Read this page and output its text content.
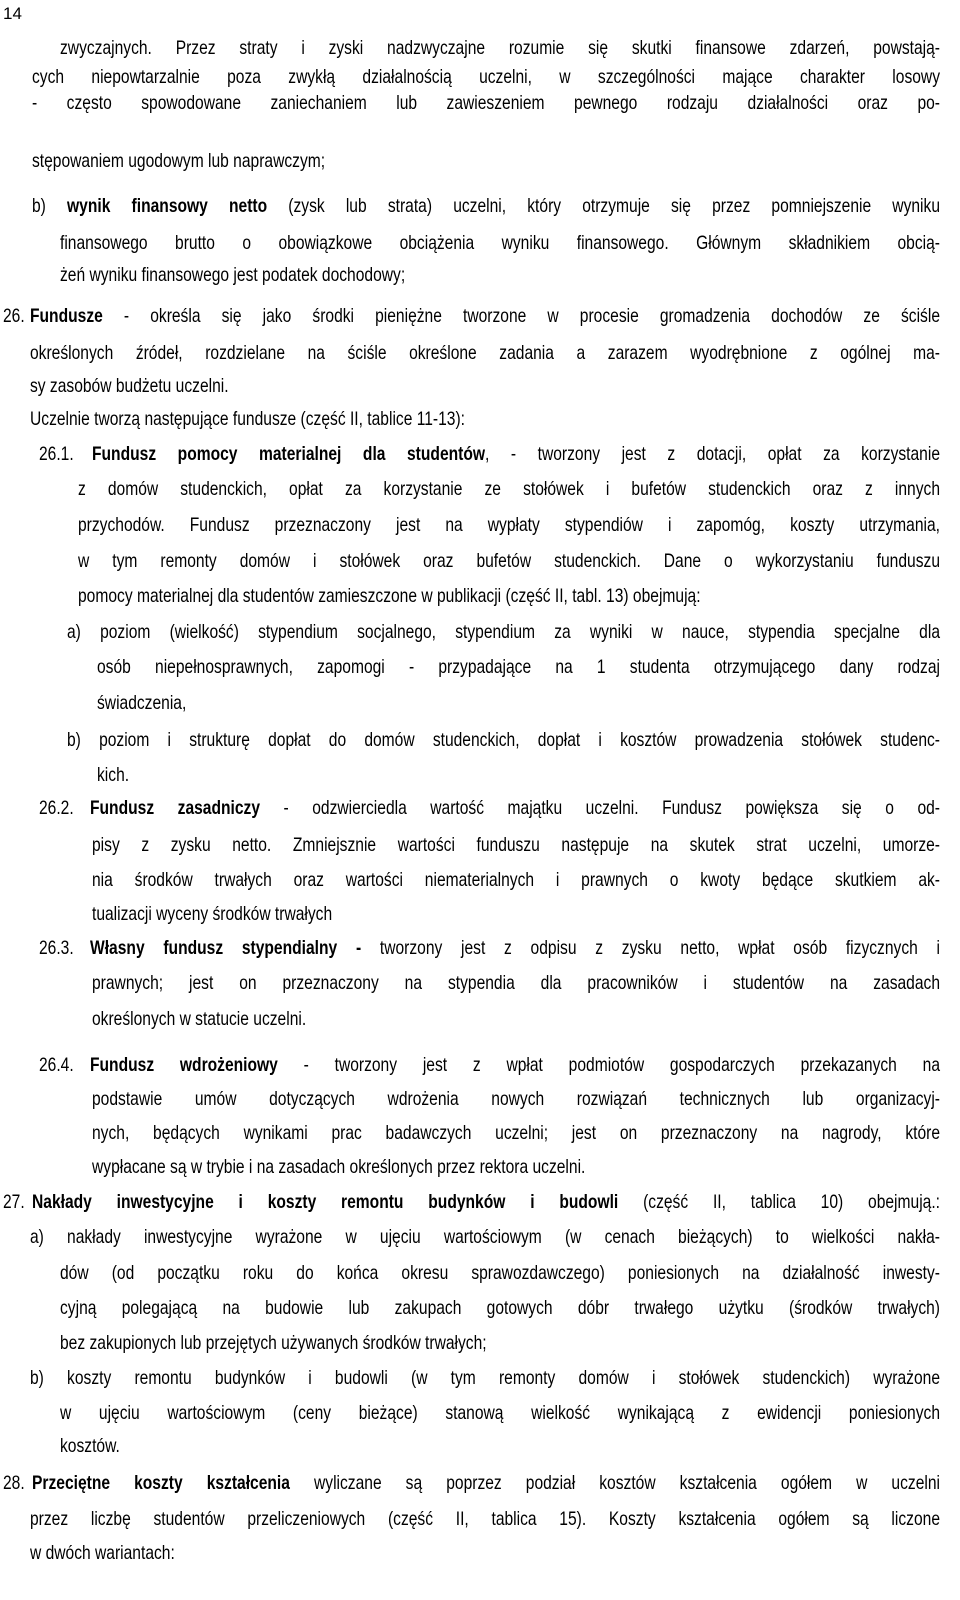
14
zwyczajnych. Przez straty i zyski nadzwyczajne rozumie się skutki finansowe zdarzeń, powstają-
cych niepowtarzalnie poza zwykłą działalnością uczelni, w szczególności mające charakter losowy
- często spowodowane zaniechaniem lub zawieszeniem pewnego rodzaju działalności oraz po-
stępowaniem ugodowym lub naprawczym;
b) wynik finansowy netto (zysk lub strata) uczelni, który otrzymuje się przez pomniejszenie wyniku
finansowego brutto o obowiązkowe obciążenia wyniku finansowego. Głównym składnikiem obcią-
żeń wyniku finansowego jest podatek dochodowy;
Fundusze - określa się jako środki pieniężne tworzone w procesie gromadzenia dochodów ze ściśle
określonych źródeł, rozdzielane na ściśle określone zadania a zarazem wyodrębnione z ogólnej ma-
sy zasobów budżetu uczelni.
Uczelnie tworzą następujące fundusze (część II, tablice 11-13):
Fundusz pomocy materialnej dla studentów, - tworzony jest z dotacji, opłat za korzystanie
z domów studenckich, opłat za korzystanie ze stołówek i bufetów studenckich oraz z innych
przychodów. Fundusz przeznaczony jest na wypłaty stypendiów i zapomóg, koszty utrzymania,
w tym remonty domów i stołówek oraz bufetów studenckich. Dane o wykorzystaniu funduszu
pomocy materialnej dla studentów zamieszczone w publikacji (część II, tabl. 13) obejmują:
a) poziom (wielkość) stypendium socjalnego, stypendium za wyniki w nauce, stypendia specjalne dla
osób niepełnosprawnych, zapomogi - przypadające na 1 studenta otrzymującego dany rodzaj
świadczenia,
b) poziom i strukturę dopłat do domów studenckich, dopłat i kosztów prowadzenia stołówek studenc-
kich.
Fundusz zasadniczy - odzwierciedla wartość majątku uczelni. Fundusz powiększa się o od-
pisy z zysku netto. Zmniejsznie wartości funduszu następuje na skutek strat uczelni, umorze-
nia środków trwałych oraz wartości niematerialnych i prawnych o kwoty będące skutkiem ak-
tualizacji wyceny środków trwałych
Własny fundusz stypendialny - tworzony jest z odpisu z zysku netto, wpłat osób fizycznych i
prawnych; jest on przeznaczony na stypendia dla pracowników i studentów na zasadach
określonych w statucie uczelni.
Fundusz wdrożeniowy - tworzony jest z wpłat podmiotów gospodarczych przekazanych na
podstawie umów dotyczących wdrożenia nowych rozwiązań technicznych lub organizacyj-
nych, będących wynikami prac badawczych uczelni; jest on przeznaczony na nagrody, które
wypłacane są w trybie i na zasadach określonych przez rektora uczelni.
Nakłady inwestycyjne i koszty remontu budynków i budowli (część II, tablica 10) obejmują.:
a) nakłady inwestycyjne wyrażone w ujęciu wartościowym (w cenach bieżących) to wielkości nakła-
dów (od początku roku do końca okresu sprawozdawczego) poniesionych na działalność inwesty-
cyjną polegającą na budowie lub zakupach gotowych dóbr trwałego użytku (środków trwałych)
bez zakupionych lub przejętych używanych środków trwałych;
b) koszty remontu budynków i budowli (w tym remonty domów i stołówek studenckich) wyrażone
w ujęciu wartościowym (ceny bieżące) stanową wielkość wynikającą z ewidencji poniesionych
kosztów.
Przeciętne koszty kształcenia wyliczane są poprzez podział kosztów kształcenia ogółem w uczelni
przez liczbę studentów przeliczeniowych (część II, tablica 15). Koszty kształcenia ogółem są liczone
w dwóch wariantach:
26.
26.1.
26.2.
26.3.
26.4.
27.
28.
